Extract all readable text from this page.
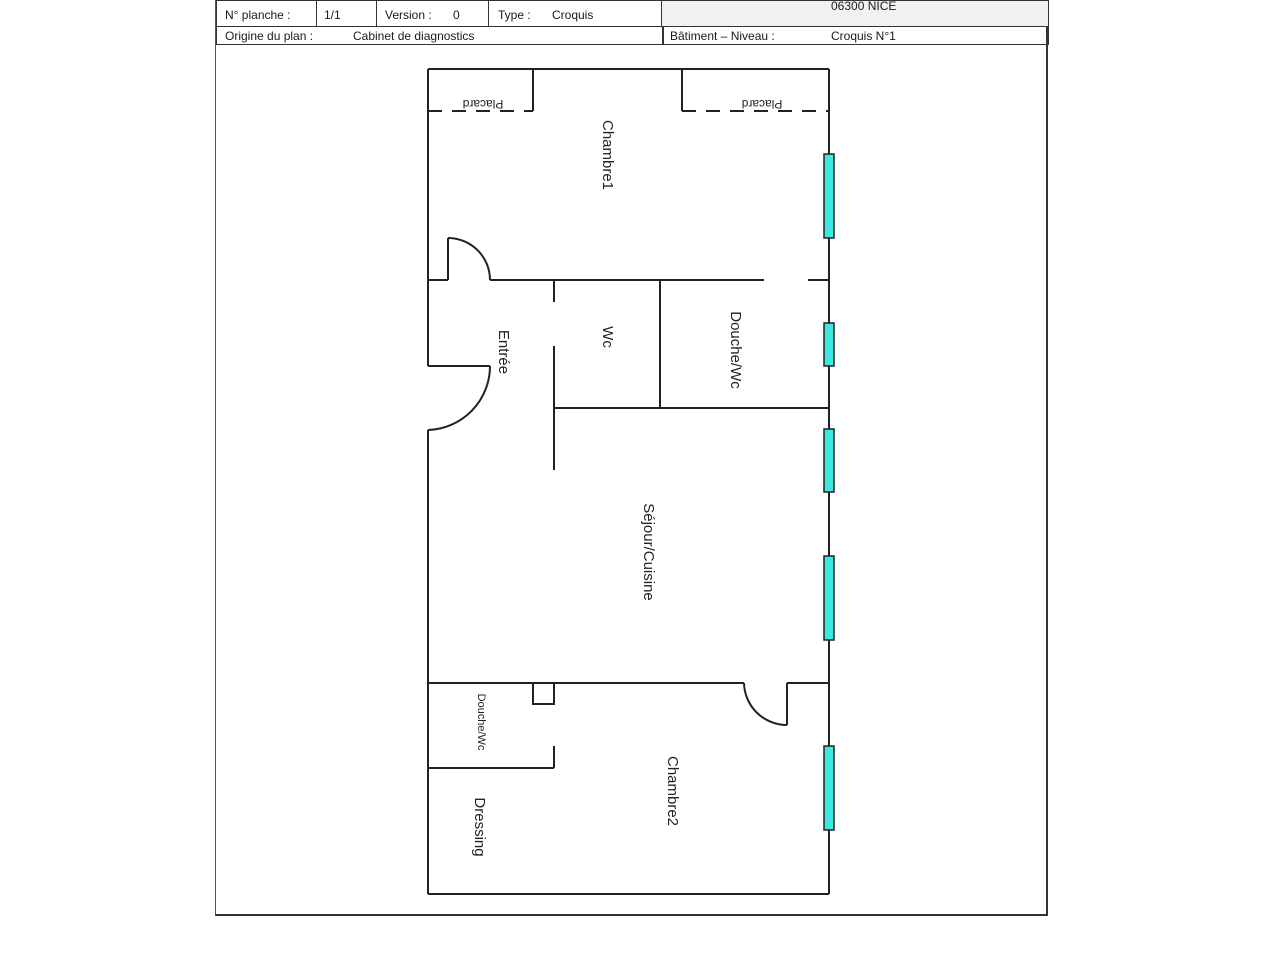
N° planche :	1/1	Version : 0	Type : Croquis
06300 NICE
Origine du plan :	Cabinet de diagnostics	Bâtiment – Niveau :	Croquis N°1
Placard	Placard
Chambre1
Entrée	Wc	Douche/Wc
Séjour/Cuisine
Douche/Wc
Dressing
Chambre2
